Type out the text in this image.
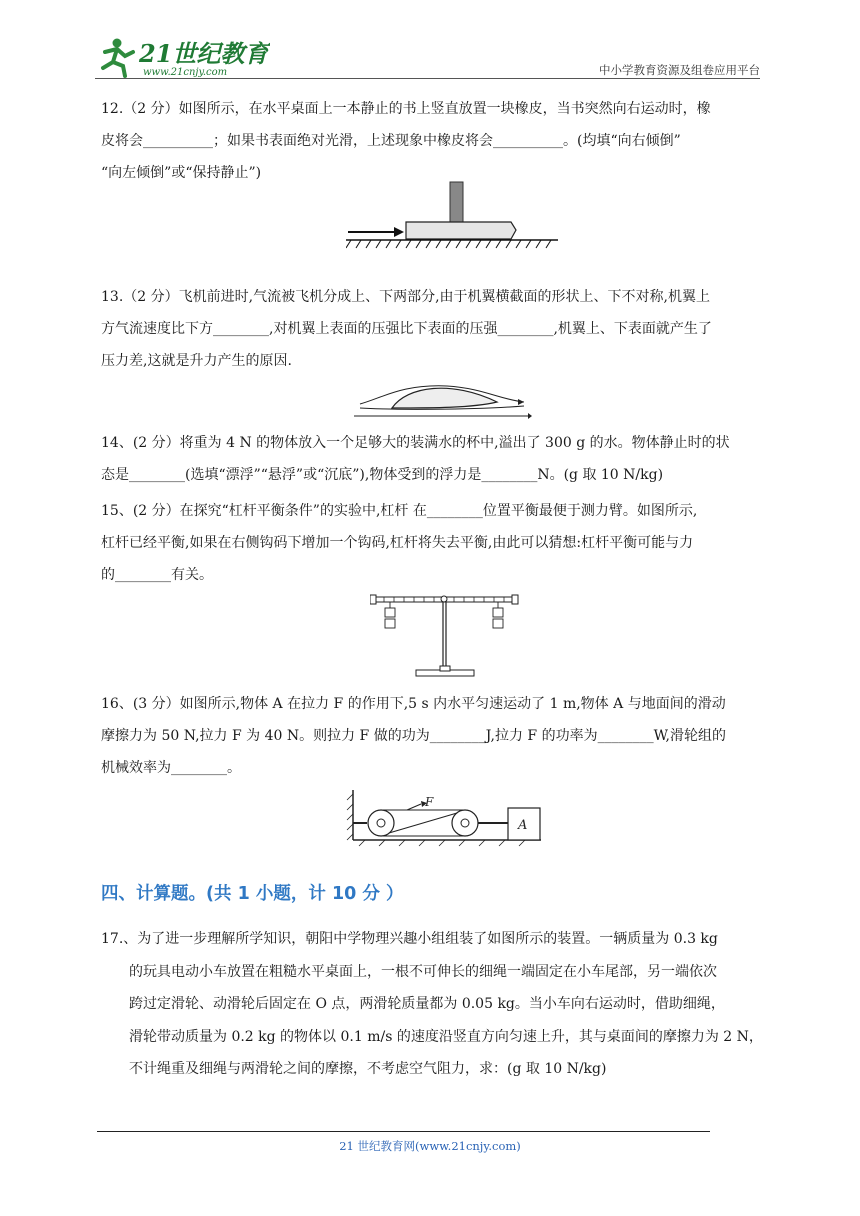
21世纪教育
www.21cnjy.com	中小学教育资源及组卷应用平台
12.（2 分）如图所示，在水平桌面上一本静止的书上竖直放置一块橡皮，当书突然向右运动时，橡
皮将会__________；如果书表面绝对光滑，上述现象中橡皮将会__________。(均填“向右倾倒”
“向左倾倒”或“保持静止”)
13.（2 分）飞机前进时,气流被飞机分成上、下两部分,由于机翼横截面的形状上、下不对称,机翼上
方气流速度比下方________,对机翼上表面的压强比下表面的压强________,机翼上、下表面就产生了
压力差,这就是升力产生的原因.
14、(2 分）将重为 4 N 的物体放入一个足够大的装满水的杯中,溢出了 300 g 的水。物体静止时的状
态是________(选填“漂浮”“悬浮”或“沉底”),物体受到的浮力是________N。(g 取 10 N/kg)
15、(2 分）在探究“杠杆平衡条件”的实验中,杠杆 在________位置平衡最便于测力臂。如图所示,
杠杆已经平衡,如果在右侧钩码下增加一个钩码,杠杆将失去平衡,由此可以猜想:杠杆平衡可能与力
的________有关。
16、(3 分）如图所示,物体 A 在拉力 F 的作用下,5 s 内水平匀速运动了 1 m,物体 A 与地面间的滑动
摩擦力为 50 N,拉力 F 为 40 N。则拉力 F 做的功为________J,拉力 F 的功率为________W,滑轮组的
机械效率为________。
F
A
四、计算题。(共 1 小题，计 10 分 ）
17.、为了进一步理解所学知识，朝阳中学物理兴趣小组组装了如图所示的装置。一辆质量为 0.3 kg
的玩具电动小车放置在粗糙水平桌面上，一根不可伸长的细绳一端固定在小车尾部，另一端依次
跨过定滑轮、动滑轮后固定在 O 点，两滑轮质量都为 0.05 kg。当小车向右运动时，借助细绳，
滑轮带动质量为 0.2 kg 的物体以 0.1 m/s 的速度沿竖直方向匀速上升，其与桌面间的摩擦力为 2 N，
不计绳重及细绳与两滑轮之间的摩擦，不考虑空气阻力，求：(g 取 10 N/kg)
21 世纪教育网(www.21cnjy.com)
